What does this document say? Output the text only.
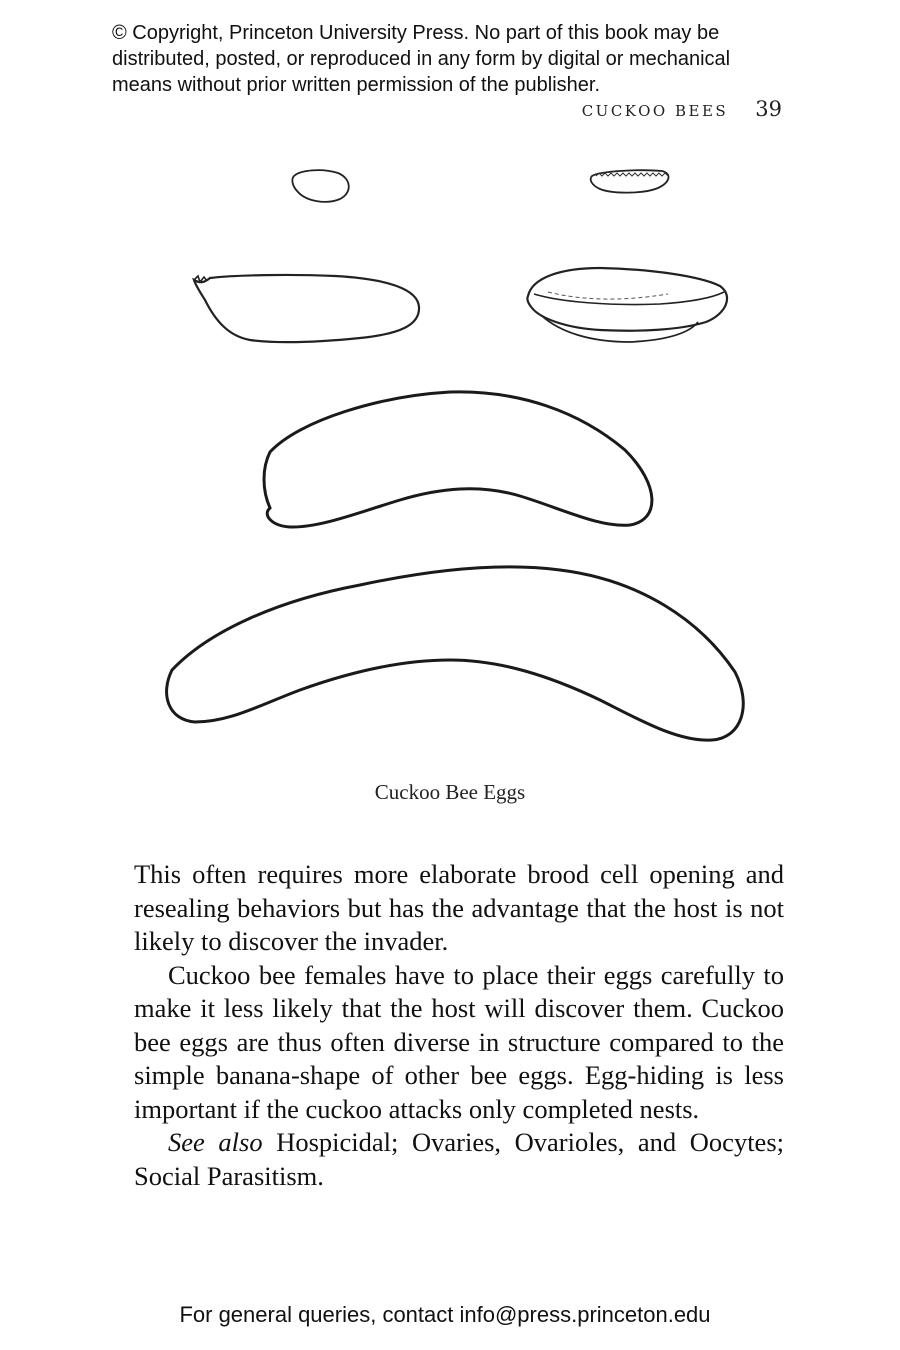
© Copyright, Princeton University Press. No part of this book may be
distributed, posted, or reproduced in any form by digital or mechanical
means without prior written permission of the publisher.
CUCKOO BEES 39
Cuckoo Bee Eggs

This often requires more elaborate brood cell opening and resealing behaviors but has the advantage that the host is not likely to discover the invader.

Cuckoo bee females have to place their eggs carefully to make it less likely that the host will discover them. Cuckoo bee eggs are thus often diverse in structure compared to the simple banana-shape of other bee eggs. Egg-hiding is less important if the cuckoo attacks only completed nests.

See also Hospicidal; Ovaries, Ovarioles, and Oocytes; Social Parasitism.

For general queries, contact info@press.princeton.edu
